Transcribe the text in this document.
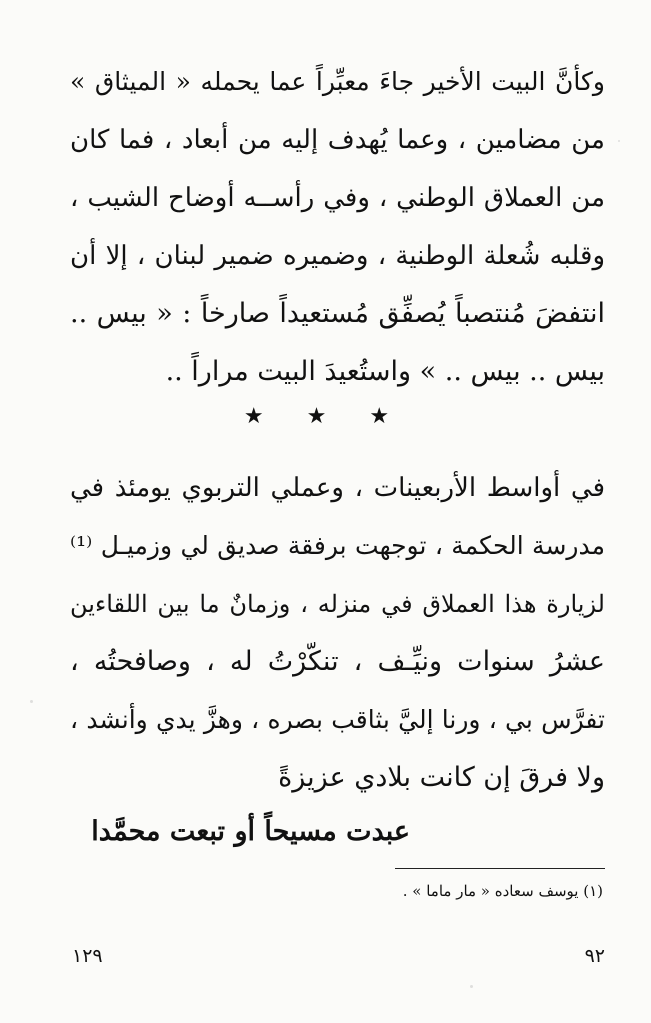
وكأنَّ البيت الأخير جاءَ معبِّراً عما يحمله « الميثاق »
من مضامين ، وعما يُهدف إليه من أبعاد ، فما كان
من العملاق الوطني ، وفي رأســه أوضاح الشيب ،
وقلبه شُعلة الوطنية ، وضميره ضمير لبنان ، إلا أن
انتفضَ مُنتصباً يُصفِّق مُستعيداً صارخاً : « بيس ..
بيس .. بيس .. » واستُعيدَ البيت مراراً ..
★ ★ ★
في أواسط الأربعينات ، وعملي التربوي يومئذ في
مدرسة الحكمة ، توجهت برفقة صديق لي وزميـل ⁽¹⁾
لزيارة هذا العملاق في منزله ، وزمانٌ ما بين اللقاءين
عشرُ سنوات ونيِّـف ، تنكّرْتُ له ، وصافحتُه ،
تفرَّس بي ، ورنا إليَّ بثاقب بصره ، وهزَّ يدي وأنشد ،
ولا فرقَ إن كانت بلادي عزيزةً
عبدت مسيحاً أو تبعت محمَّدا
(١) يوسف سعاده « مار ماما » .
١٢٩	٩٢
